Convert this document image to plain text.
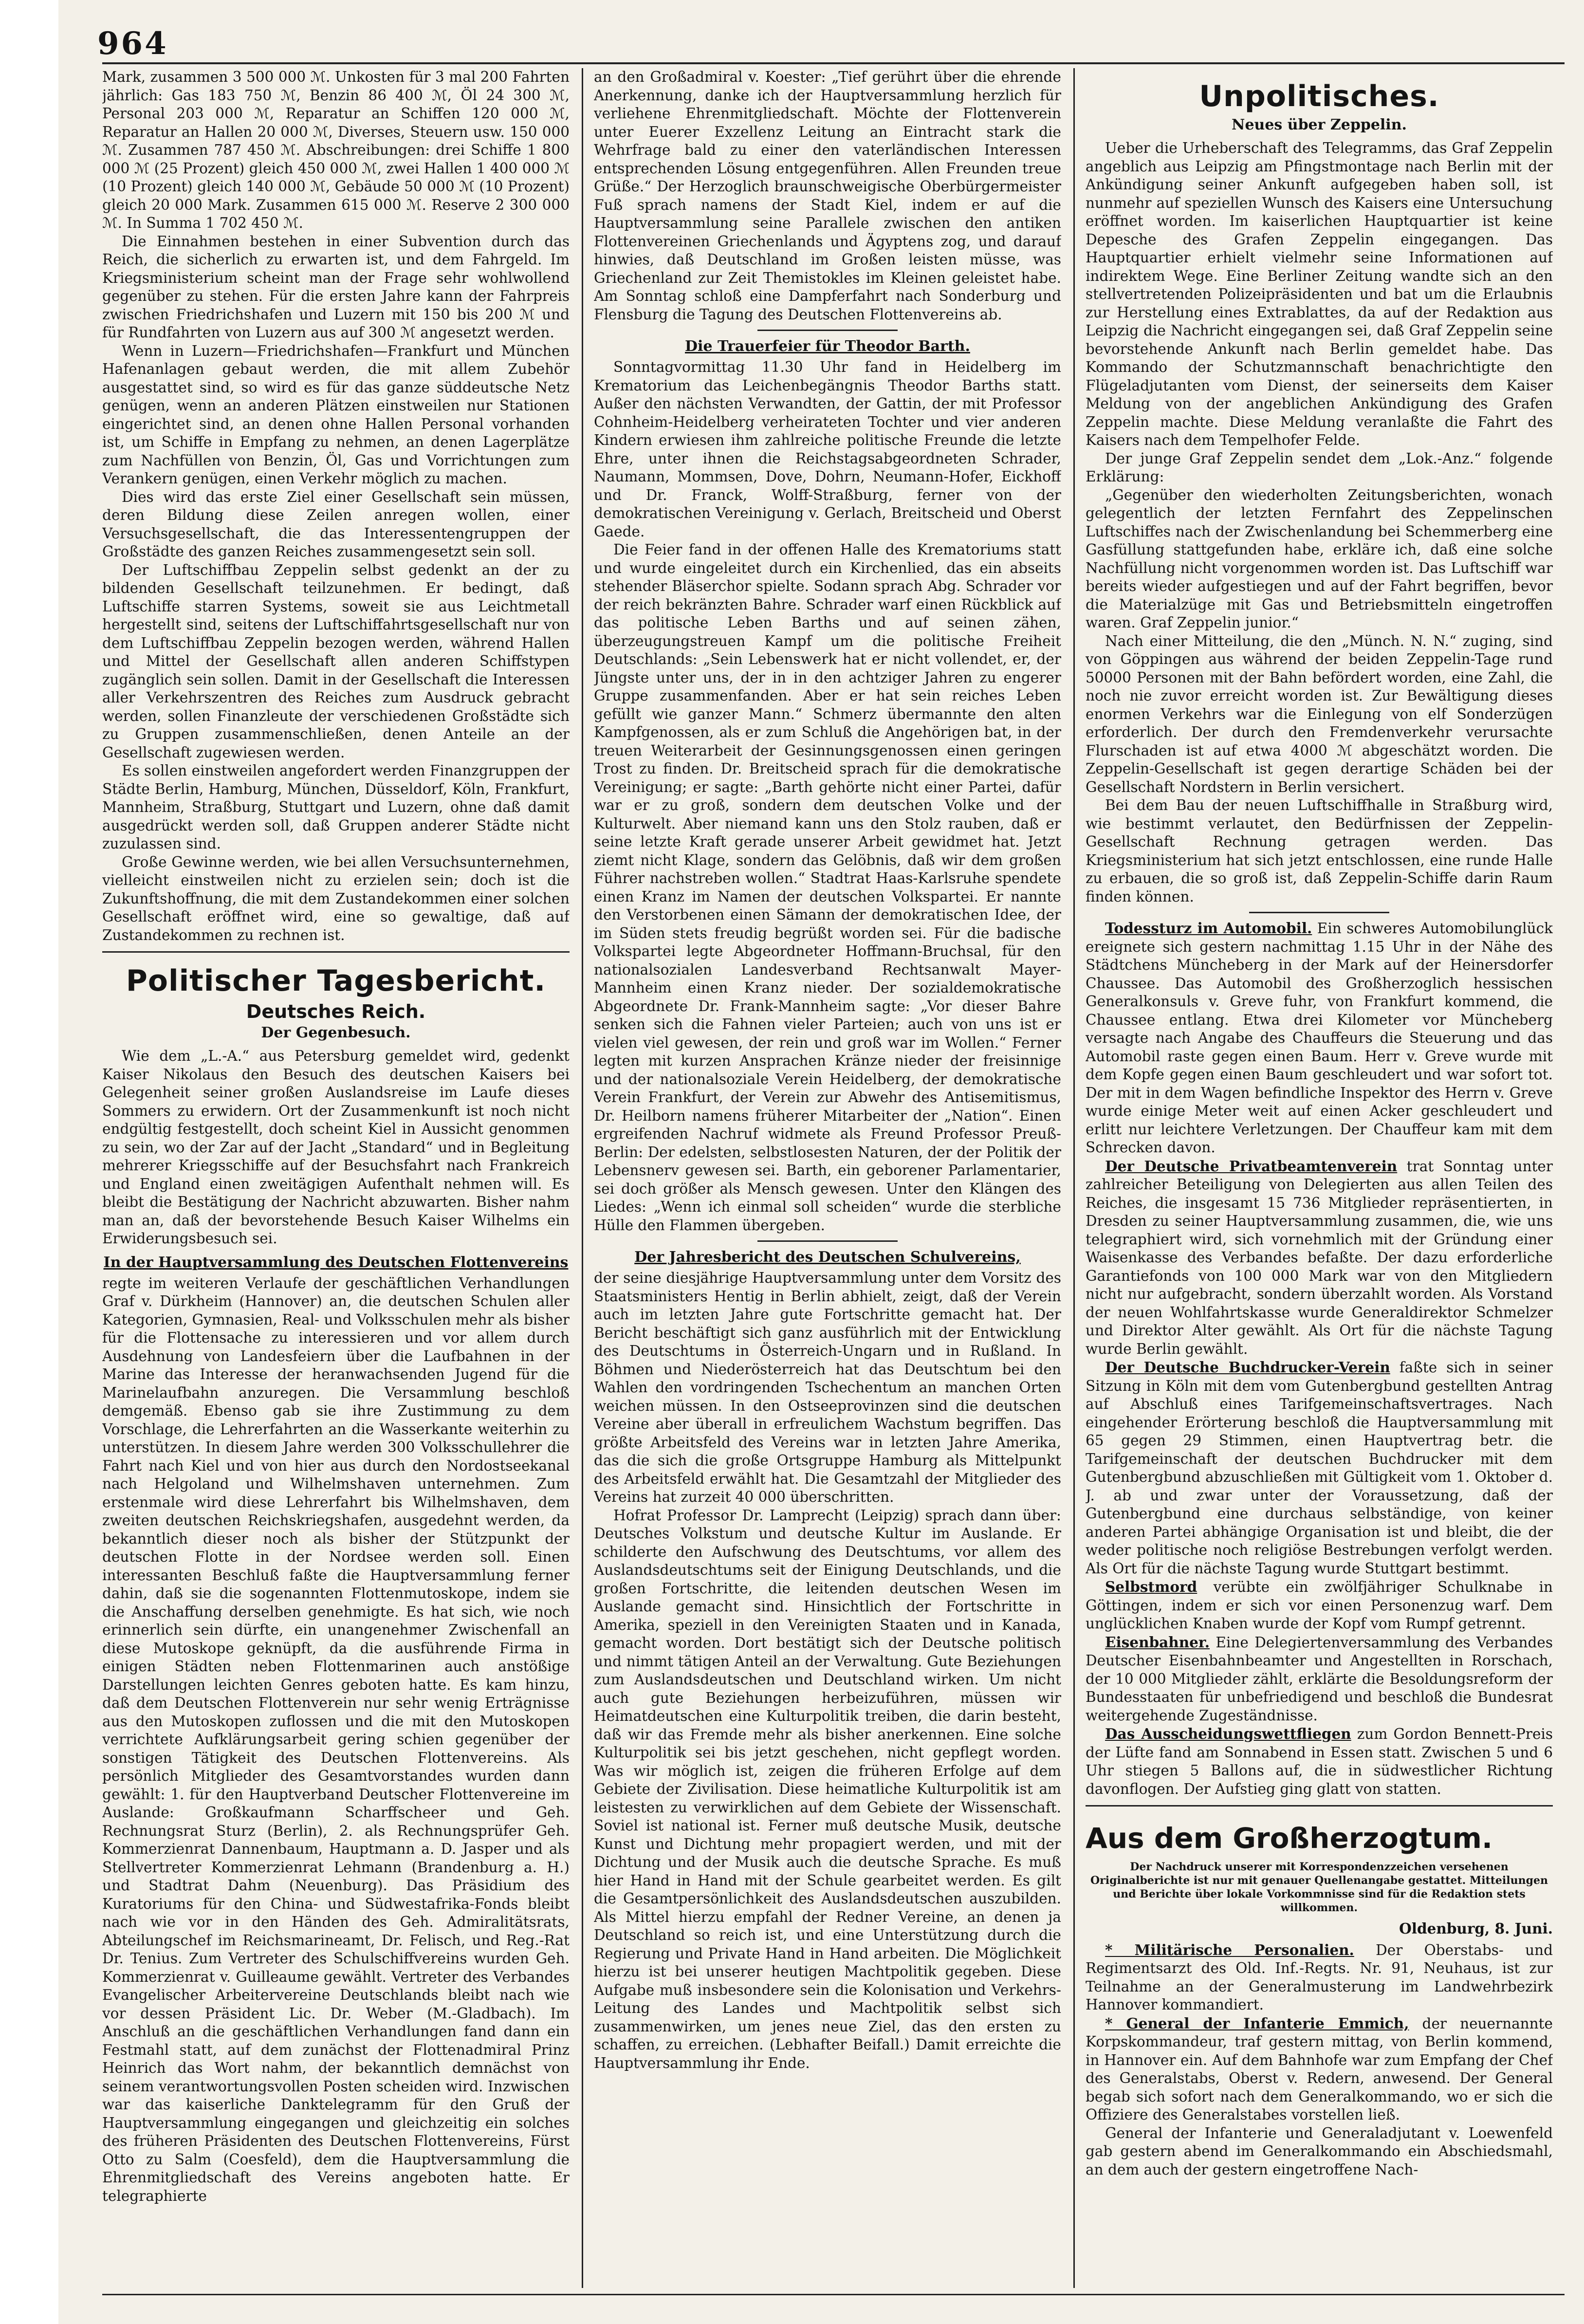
964

Mark, zusammen 3 500 000 ℳ. Unkosten für 3 mal 200 Fahrten jährlich: Gas 183 750 ℳ, Benzin 86 400 ℳ, Öl 24 300 ℳ, Personal 203 000 ℳ, Reparatur an Schiffen 120 000 ℳ, Reparatur an Hallen 20 000 ℳ, Diverses, Steuern usw. 150 000 ℳ. Zusammen 787 450 ℳ. Abschreibungen: drei Schiffe 1 800 000 ℳ (25 Prozent) gleich 450 000 ℳ, zwei Hallen 1 400 000 ℳ (10 Prozent) gleich 140 000 ℳ, Gebäude 50 000 ℳ (10 Prozent) gleich 20 000 Mark. Zusammen 615 000 ℳ. Reserve 2 300 000 ℳ. In Summa 1 702 450 ℳ.

Die Einnahmen bestehen in einer Subvention durch das Reich, die sicherlich zu erwarten ist, und dem Fahrgeld. Im Kriegsministerium scheint man der Frage sehr wohlwollend gegenüber zu stehen. Für die ersten Jahre kann der Fahrpreis zwischen Friedrichshafen und Luzern mit 150 bis 200 ℳ und für Rundfahrten von Luzern aus auf 300 ℳ angesetzt werden.

Wenn in Luzern—Friedrichshafen—Frankfurt und München Hafenanlagen gebaut werden, die mit allem Zubehör ausgestattet sind, so wird es für das ganze süddeutsche Netz genügen, wenn an anderen Plätzen einstweilen nur Stationen eingerichtet sind, an denen ohne Hallen Personal vorhanden ist, um Schiffe in Empfang zu nehmen, an denen Lagerplätze zum Nachfüllen von Benzin, Öl, Gas und Vorrichtungen zum Verankern genügen, einen Verkehr möglich zu machen.

Dies wird das erste Ziel einer Gesellschaft sein müssen, deren Bildung diese Zeilen anregen wollen, einer Versuchsgesellschaft, die das Interessentengruppen der Großstädte des ganzen Reiches zusammengesetzt sein soll.

Der Luftschiffbau Zeppelin selbst gedenkt an der zu bildenden Gesellschaft teilzunehmen. Er bedingt, daß Luftschiffe starren Systems, soweit sie aus Leichtmetall hergestellt sind, seitens der Luftschiffahrtsgesellschaft nur von dem Luftschiffbau Zeppelin bezogen werden, während Hallen und Mittel der Gesellschaft allen anderen Schiffstypen zugänglich sein sollen. Damit in der Gesellschaft die Interessen aller Verkehrszentren des Reiches zum Ausdruck gebracht werden, sollen Finanzleute der verschiedenen Großstädte sich zu Gruppen zusammenschließen, denen Anteile an der Gesellschaft zugewiesen werden.

Es sollen einstweilen angefordert werden Finanzgruppen der Städte Berlin, Hamburg, München, Düsseldorf, Köln, Frankfurt, Mannheim, Straßburg, Stuttgart und Luzern, ohne daß damit ausgedrückt werden soll, daß Gruppen anderer Städte nicht zuzulassen sind.

Große Gewinne werden, wie bei allen Versuchsunternehmen, vielleicht einstweilen nicht zu erzielen sein; doch ist die Zukunftshoffnung, die mit dem Zustandekommen einer solchen Gesellschaft eröffnet wird, eine so gewaltige, daß auf Zustandekommen zu rechnen ist.

Politischer Tagesbericht.
Deutsches Reich.
Der Gegenbesuch.

Wie dem „L.-A.“ aus Petersburg gemeldet wird, gedenkt Kaiser Nikolaus den Besuch des deutschen Kaisers bei Gelegenheit seiner großen Auslandsreise im Laufe dieses Sommers zu erwidern. Ort der Zusammenkunft ist noch nicht endgültig festgestellt, doch scheint Kiel in Aussicht genommen zu sein, wo der Zar auf der Jacht „Standard“ und in Begleitung mehrerer Kriegsschiffe auf der Besuchsfahrt nach Frankreich und England einen zweitägigen Aufenthalt nehmen will. Es bleibt die Bestätigung der Nachricht abzuwarten. Bisher nahm man an, daß der bevorstehende Besuch Kaiser Wilhelms ein Erwiderungsbesuch sei.

In der Hauptversammlung des Deutschen Flottenvereins

regte im weiteren Verlaufe der geschäftlichen Verhandlungen Graf v. Dürkheim (Hannover) an, die deutschen Schulen aller Kategorien, Gymnasien, Real- und Volksschulen mehr als bisher für die Flottensache zu interessieren und vor allem durch Ausdehnung von Landesfeiern über die Laufbahnen in der Marine das Interesse der heranwachsenden Jugend für die Marinelaufbahn anzuregen. Die Versammlung beschloß demgemäß. Ebenso gab sie ihre Zustimmung zu dem Vorschlage, die Lehrerfahrten an die Wasserkante weiterhin zu unterstützen. In diesem Jahre werden 300 Volksschullehrer die Fahrt nach Kiel und von hier aus durch den Nordostseekanal nach Helgoland und Wilhelmshaven unternehmen. Zum erstenmale wird diese Lehrerfahrt bis Wilhelmshaven, dem zweiten deutschen Reichskriegshafen, ausgedehnt werden, da bekanntlich dieser noch als bisher der Stützpunkt der deutschen Flotte in der Nordsee werden soll. Einen interessanten Beschluß faßte die Hauptversammlung ferner dahin, daß sie die sogenannten Flottenmutoskope, indem sie die Anschaffung derselben genehmigte. Es hat sich, wie noch erinnerlich sein dürfte, ein unangenehmer Zwischenfall an diese Mutoskope geknüpft, da die ausführende Firma in einigen Städten neben Flottenmarinen auch anstößige Darstellungen leichten Genres geboten hatte. Es kam hinzu, daß dem Deutschen Flottenverein nur sehr wenig Erträgnisse aus den Mutoskopen zuflossen und die mit den Mutoskopen verrichtete Aufklärungsarbeit gering schien gegenüber der sonstigen Tätigkeit des Deutschen Flottenvereins. Als persönlich Mitglieder des Gesamtvorstandes wurden dann gewählt: 1. für den Hauptverband Deutscher Flottenvereine im Auslande: Großkaufmann Scharffscheer und Geh. Rechnungsrat Sturz (Berlin), 2. als Rechnungsprüfer Geh. Kommerzienrat Dannenbaum, Hauptmann a. D. Jasper und als Stellvertreter Kommerzienrat Lehmann (Brandenburg a. H.) und Stadtrat Dahm (Neuenburg). Das Präsidium des Kuratoriums für den China- und Südwestafrika-Fonds bleibt nach wie vor in den Händen des Geh. Admiralitätsrats, Abteilungschef im Reichsmarineamt, Dr. Felisch, und Reg.-Rat Dr. Tenius. Zum Vertreter des Schulschiffvereins wurden Geh. Kommerzienrat v. Guilleaume gewählt. Vertreter des Verbandes Evangelischer Arbeitervereine Deutschlands bleibt nach wie vor dessen Präsident Lic. Dr. Weber (M.-Gladbach). Im Anschluß an die geschäftlichen Verhandlungen fand dann ein Festmahl statt, auf dem zunächst der Flottenadmiral Prinz Heinrich das Wort nahm, der bekanntlich demnächst von seinem verantwortungsvollen Posten scheiden wird. Inzwischen war das kaiserliche Danktelegramm für den Gruß der Hauptversammlung eingegangen und gleichzeitig ein solches des früheren Präsidenten des Deutschen Flottenvereins, Fürst Otto zu Salm (Coesfeld), dem die Hauptversammlung die Ehrenmitgliedschaft des Vereins angeboten hatte. Er telegraphierte

an den Großadmiral v. Koester: „Tief gerührt über die ehrende Anerkennung, danke ich der Hauptversammlung herzlich für verliehene Ehrenmitgliedschaft. Möchte der Flottenverein unter Euerer Exzellenz Leitung an Eintracht stark die Wehrfrage bald zu einer den vaterländischen Interessen entsprechenden Lösung entgegenführen. Allen Freunden treue Grüße.“ Der Herzoglich braunschweigische Oberbürgermeister Fuß sprach namens der Stadt Kiel, indem er auf die Hauptversammlung seine Parallele zwischen den antiken Flottenvereinen Griechenlands und Ägyptens zog, und darauf hinwies, daß Deutschland im Großen leisten müsse, was Griechenland zur Zeit Themistokles im Kleinen geleistet habe. Am Sonntag schloß eine Dampferfahrt nach Sonderburg und Flensburg die Tagung des Deutschen Flottenvereins ab.

Die Trauerfeier für Theodor Barth.

Sonntagvormittag 11.30 Uhr fand in Heidelberg im Krematorium das Leichenbegängnis Theodor Barths statt. Außer den nächsten Verwandten, der Gattin, der mit Professor Cohnheim-Heidelberg verheirateten Tochter und vier anderen Kindern erwiesen ihm zahlreiche politische Freunde die letzte Ehre, unter ihnen die Reichstagsabgeordneten Schrader, Naumann, Mommsen, Dove, Dohrn, Neumann-Hofer, Eickhoff und Dr. Franck, Wolff-Straßburg, ferner von der demokratischen Vereinigung v. Gerlach, Breitscheid und Oberst Gaede.

Die Feier fand in der offenen Halle des Krematoriums statt und wurde eingeleitet durch ein Kirchenlied, das ein abseits stehender Bläserchor spielte. Sodann sprach Abg. Schrader vor der reich bekränzten Bahre. Schrader warf einen Rückblick auf das politische Leben Barths und auf seinen zähen, überzeugungstreuen Kampf um die politische Freiheit Deutschlands: „Sein Lebenswerk hat er nicht vollendet, er, der Jüngste unter uns, der in in den achtziger Jahren zu engerer Gruppe zusammenfanden. Aber er hat sein reiches Leben gefüllt wie ganzer Mann.“ Schmerz übermannte den alten Kampfgenossen, als er zum Schluß die Angehörigen bat, in der treuen Weiterarbeit der Gesinnungsgenossen einen geringen Trost zu finden. Dr. Breitscheid sprach für die demokratische Vereinigung; er sagte: „Barth gehörte nicht einer Partei, dafür war er zu groß, sondern dem deutschen Volke und der Kulturwelt. Aber niemand kann uns den Stolz rauben, daß er seine letzte Kraft gerade unserer Arbeit gewidmet hat. Jetzt ziemt nicht Klage, sondern das Gelöbnis, daß wir dem großen Führer nachstreben wollen.“ Stadtrat Haas-Karlsruhe spendete einen Kranz im Namen der deutschen Volkspartei. Er nannte den Verstorbenen einen Sämann der demokratischen Idee, der im Süden stets freudig begrüßt worden sei. Für die badische Volkspartei legte Abgeordneter Hoffmann-Bruchsal, für den nationalsozialen Landesverband Rechtsanwalt Mayer-Mannheim einen Kranz nieder. Der sozialdemokratische Abgeordnete Dr. Frank-Mannheim sagte: „Vor dieser Bahre senken sich die Fahnen vieler Parteien; auch von uns ist er vielen viel gewesen, der rein und groß war im Wollen.“ Ferner legten mit kurzen Ansprachen Kränze nieder der freisinnige und der nationalsoziale Verein Heidelberg, der demokratische Verein Frankfurt, der Verein zur Abwehr des Antisemitismus, Dr. Heilborn namens früherer Mitarbeiter der „Nation“. Einen ergreifenden Nachruf widmete als Freund Professor Preuß-Berlin: Der edelsten, selbstlosesten Naturen, der der Politik der Lebensnerv gewesen sei. Barth, ein geborener Parlamentarier, sei doch größer als Mensch gewesen. Unter den Klängen des Liedes: „Wenn ich einmal soll scheiden“ wurde die sterbliche Hülle den Flammen übergeben.

Der Jahresbericht des Deutschen Schulvereins,

der seine diesjährige Hauptversammlung unter dem Vorsitz des Staatsministers Hentig in Berlin abhielt, zeigt, daß der Verein auch im letzten Jahre gute Fortschritte gemacht hat. Der Bericht beschäftigt sich ganz ausführlich mit der Entwicklung des Deutschtums in Österreich-Ungarn und in Rußland. In Böhmen und Niederösterreich hat das Deutschtum bei den Wahlen den vordringenden Tschechentum an manchen Orten weichen müssen. In den Ostseeprovinzen sind die deutschen Vereine aber überall in erfreulichem Wachstum begriffen. Das größte Arbeitsfeld des Vereins war in letzten Jahre Amerika, das die sich die große Ortsgruppe Hamburg als Mittelpunkt des Arbeitsfeld erwählt hat. Die Gesamtzahl der Mitglieder des Vereins hat zurzeit 40 000 überschritten.

Hofrat Professor Dr. Lamprecht (Leipzig) sprach dann über: Deutsches Volkstum und deutsche Kultur im Auslande. Er schilderte den Aufschwung des Deutschtums, vor allem des Auslandsdeutschtums seit der Einigung Deutschlands, und die großen Fortschritte, die leitenden deutschen Wesen im Auslande gemacht sind. Hinsichtlich der Fortschritte in Amerika, speziell in den Vereinigten Staaten und in Kanada, gemacht worden. Dort bestätigt sich der Deutsche politisch und nimmt tätigen Anteil an der Verwaltung. Gute Beziehungen zum Auslandsdeutschen und Deutschland wirken. Um nicht auch gute Beziehungen herbeizuführen, müssen wir Heimatdeutschen eine Kulturpolitik treiben, die darin besteht, daß wir das Fremde mehr als bisher anerkennen. Eine solche Kulturpolitik sei bis jetzt geschehen, nicht gepflegt worden. Was wir möglich ist, zeigen die früheren Erfolge auf dem Gebiete der Zivilisation. Diese heimatliche Kulturpolitik ist am leistesten zu verwirklichen auf dem Gebiete der Wissenschaft. Soviel ist national ist. Ferner muß deutsche Musik, deutsche Kunst und Dichtung mehr propagiert werden, und mit der Dichtung und der Musik auch die deutsche Sprache. Es muß hier Hand in Hand mit der Schule gearbeitet werden. Es gilt die Gesamtpersönlichkeit des Auslandsdeutschen auszubilden. Als Mittel hierzu empfahl der Redner Vereine, an denen ja Deutschland so reich ist, und eine Unterstützung durch die Regierung und Private Hand in Hand arbeiten. Die Möglichkeit hierzu ist bei unserer heutigen Machtpolitik gegeben. Diese Aufgabe muß insbesondere sein die Kolonisation und Verkehrs-Leitung des Landes und Machtpolitik selbst sich zusammenwirken, um jenes neue Ziel, das den ersten zu schaffen, zu erreichen. (Lebhafter Beifall.) Damit erreichte die Hauptversammlung ihr Ende.

Unpolitisches.
Neues über Zeppelin.

Ueber die Urheberschaft des Telegramms, das Graf Zeppelin angeblich aus Leipzig am Pfingstmontage nach Berlin mit der Ankündigung seiner Ankunft aufgegeben haben soll, ist nunmehr auf speziellen Wunsch des Kaisers eine Untersuchung eröffnet worden. Im kaiserlichen Hauptquartier ist keine Depesche des Grafen Zeppelin eingegangen. Das Hauptquartier erhielt vielmehr seine Informationen auf indirektem Wege. Eine Berliner Zeitung wandte sich an den stellvertretenden Polizeipräsidenten und bat um die Erlaubnis zur Herstellung eines Extrablattes, da auf der Redaktion aus Leipzig die Nachricht eingegangen sei, daß Graf Zeppelin seine bevorstehende Ankunft nach Berlin gemeldet habe. Das Kommando der Schutzmannschaft benachrichtigte den Flügeladjutanten vom Dienst, der seinerseits dem Kaiser Meldung von der angeblichen Ankündigung des Grafen Zeppelin machte. Diese Meldung veranlaßte die Fahrt des Kaisers nach dem Tempelhofer Felde.

Der junge Graf Zeppelin sendet dem „Lok.-Anz.“ folgende Erklärung:

„Gegenüber den wiederholten Zeitungsberichten, wonach gelegentlich der letzten Fernfahrt des Zeppelinschen Luftschiffes nach der Zwischenlandung bei Schemmerberg eine Gasfüllung stattgefunden habe, erkläre ich, daß eine solche Nachfüllung nicht vorgenommen worden ist. Das Luftschiff war bereits wieder aufgestiegen und auf der Fahrt begriffen, bevor die Materialzüge mit Gas und Betriebsmitteln eingetroffen waren. Graf Zeppelin junior.“

Nach einer Mitteilung, die den „Münch. N. N.“ zuging, sind von Göppingen aus während der beiden Zeppelin-Tage rund 50000 Personen mit der Bahn befördert worden, eine Zahl, die noch nie zuvor erreicht worden ist. Zur Bewältigung dieses enormen Verkehrs war die Einlegung von elf Sonderzügen erforderlich. Der durch den Fremdenverkehr verursachte Flurschaden ist auf etwa 4000 ℳ abgeschätzt worden. Die Zeppelin-Gesellschaft ist gegen derartige Schäden bei der Gesellschaft Nordstern in Berlin versichert.

Bei dem Bau der neuen Luftschiffhalle in Straßburg wird, wie bestimmt verlautet, den Bedürfnissen der Zeppelin-Gesellschaft Rechnung getragen werden. Das Kriegsministerium hat sich jetzt entschlossen, eine runde Halle zu erbauen, die so groß ist, daß Zeppelin-Schiffe darin Raum finden können.

Todessturz im Automobil. Ein schweres Automobilunglück ereignete sich gestern nachmittag 1.15 Uhr in der Nähe des Städtchens Müncheberg in der Mark auf der Heinersdorfer Chaussee. Das Automobil des Großherzoglich hessischen Generalkonsuls v. Greve fuhr, von Frankfurt kommend, die Chaussee entlang. Etwa drei Kilometer vor Müncheberg versagte nach Angabe des Chauffeurs die Steuerung und das Automobil raste gegen einen Baum. Herr v. Greve wurde mit dem Kopfe gegen einen Baum geschleudert und war sofort tot. Der mit in dem Wagen befindliche Inspektor des Herrn v. Greve wurde einige Meter weit auf einen Acker geschleudert und erlitt nur leichtere Verletzungen. Der Chauffeur kam mit dem Schrecken davon.

Der Deutsche Privatbeamtenverein trat Sonntag unter zahlreicher Beteiligung von Delegierten aus allen Teilen des Reiches, die insgesamt 15 736 Mitglieder repräsentierten, in Dresden zu seiner Hauptversammlung zusammen, die, wie uns telegraphiert wird, sich vornehmlich mit der Gründung einer Waisenkasse des Verbandes befaßte. Der dazu erforderliche Garantiefonds von 100 000 Mark war von den Mitgliedern nicht nur aufgebracht, sondern überzahlt worden. Als Vorstand der neuen Wohlfahrtskasse wurde Generaldirektor Schmelzer und Direktor Alter gewählt. Als Ort für die nächste Tagung wurde Berlin gewählt.

Der Deutsche Buchdrucker-Verein faßte sich in seiner Sitzung in Köln mit dem vom Gutenbergbund gestellten Antrag auf Abschluß eines Tarifgemeinschaftsvertrages. Nach eingehender Erörterung beschloß die Hauptversammlung mit 65 gegen 29 Stimmen, einen Hauptvertrag betr. die Tarifgemeinschaft der deutschen Buchdrucker mit dem Gutenbergbund abzuschließen mit Gültigkeit vom 1. Oktober d. J. ab und zwar unter der Voraussetzung, daß der Gutenbergbund eine durchaus selbständige, von keiner anderen Partei abhängige Organisation ist und bleibt, die der weder politische noch religiöse Bestrebungen verfolgt werden. Als Ort für die nächste Tagung wurde Stuttgart bestimmt.

Selbstmord verübte ein zwölfjähriger Schulknabe in Göttingen, indem er sich vor einen Personenzug warf. Dem unglücklichen Knaben wurde der Kopf vom Rumpf getrennt.

Eisenbahner. Eine Delegiertenversammlung des Verbandes Deutscher Eisenbahnbeamter und Angestellten in Rorschach, der 10 000 Mitglieder zählt, erklärte die Besoldungsreform der Bundesstaaten für unbefriedigend und beschloß die Bundesrat weitergehende Zugeständnisse.

Das Ausscheidungswettfliegen zum Gordon Bennett-Preis der Lüfte fand am Sonnabend in Essen statt. Zwischen 5 und 6 Uhr stiegen 5 Ballons auf, die in südwestlicher Richtung davonflogen. Der Aufstieg ging glatt von statten.

Aus dem Großherzogtum.
Der Nachdruck unserer mit Korrespondenzzeichen versehenen Originalberichte ist nur mit genauer Quellenangabe gestattet. Mitteilungen und Berichte über lokale Vorkommnisse sind für die Redaktion stets willkommen.
Oldenburg, 8. Juni.

* Militärische Personalien. Der Oberstabs- und Regimentsarzt des Old. Inf.-Regts. Nr. 91, Neuhaus, ist zur Teilnahme an der Generalmusterung im Landwehrbezirk Hannover kommandiert.

* General der Infanterie Emmich, der neuernannte Korpskommandeur, traf gestern mittag, von Berlin kommend, in Hannover ein. Auf dem Bahnhofe war zum Empfang der Chef des Generalstabs, Oberst v. Redern, anwesend. Der General begab sich sofort nach dem Generalkommando, wo er sich die Offiziere des Generalstabes vorstellen ließ.

General der Infanterie und Generaladjutant v. Loewenfeld gab gestern abend im Generalkommando ein Abschiedsmahl, an dem auch der gestern eingetroffene Nach-
